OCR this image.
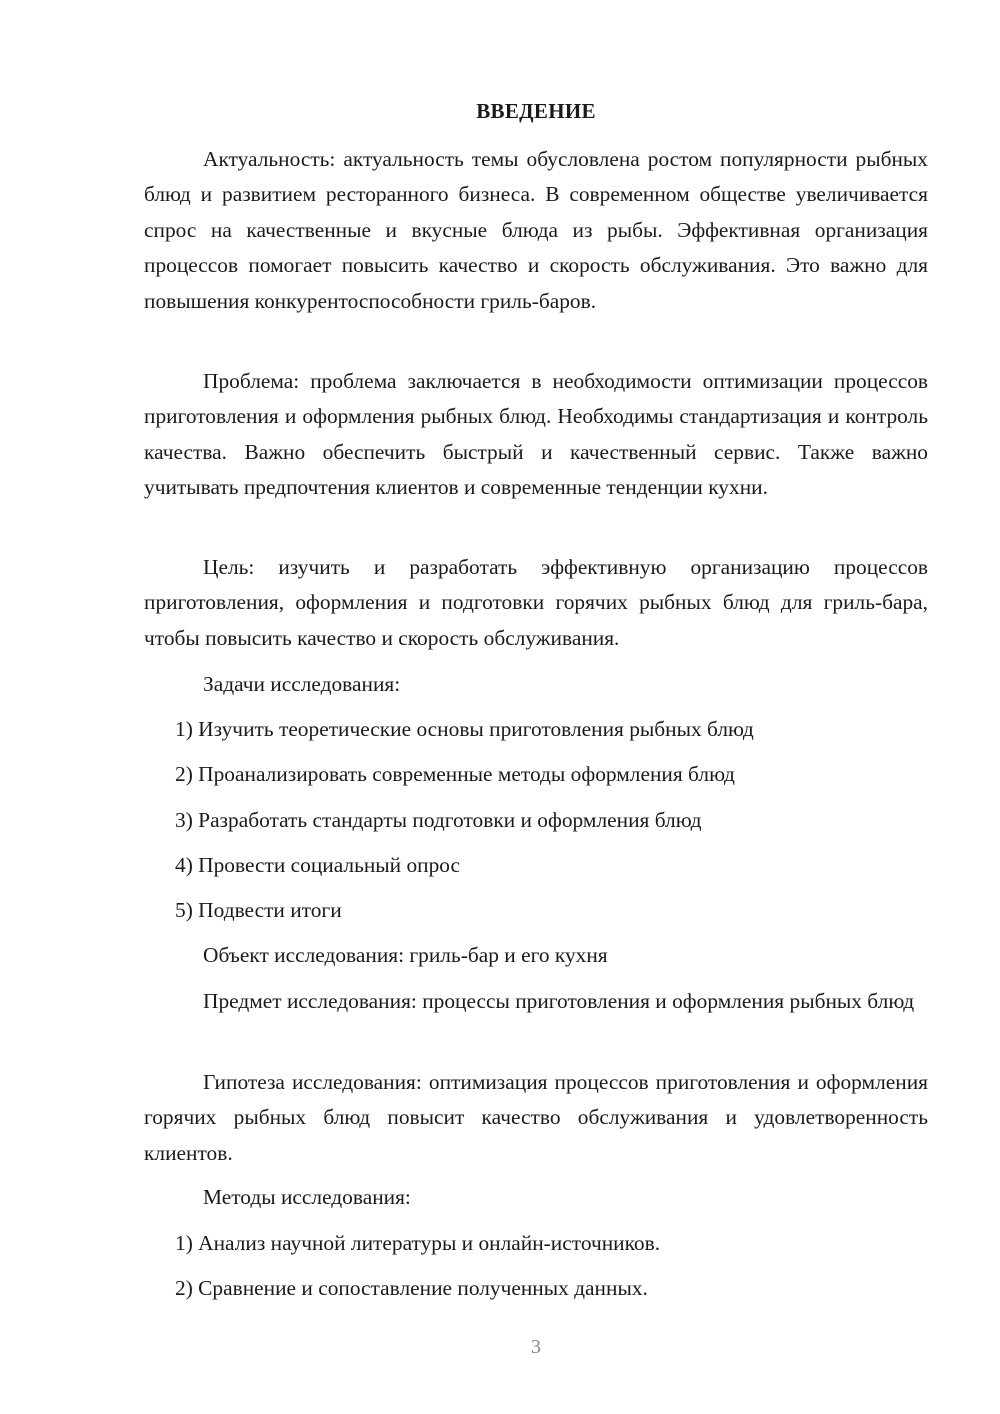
ВВЕДЕНИЕ
Актуальность: актуальность темы обусловлена ростом популярности рыбных блюд и развитием ресторанного бизнеса. В современном обществе увеличивается спрос на качественные и вкусные блюда из рыбы. Эффективная организация процессов помогает повысить качество и скорость обслуживания. Это важно для повышения конкурентоспособности гриль-баров.
Проблема: проблема заключается в необходимости оптимизации процессов приготовления и оформления рыбных блюд. Необходимы стандартизация и контроль качества. Важно обеспечить быстрый и качественный сервис. Также важно учитывать предпочтения клиентов и современные тенденции кухни.
Цель: изучить и разработать эффективную организацию процессов приготовления, оформления и подготовки горячих рыбных блюд для гриль-бара, чтобы повысить качество и скорость обслуживания.
Задачи исследования:
1) Изучить теоретические основы приготовления рыбных блюд
2) Проанализировать современные методы оформления блюд
3) Разработать стандарты подготовки и оформления блюд
4) Провести социальный опрос
5) Подвести итоги
Объект исследования: гриль-бар и его кухня
Предмет исследования: процессы приготовления и оформления рыбных блюд
Гипотеза исследования: оптимизация процессов приготовления и оформления горячих рыбных блюд повысит качество обслуживания и удовлетворенность клиентов.
Методы исследования:
1) Анализ научной литературы и онлайн-источников.
2) Сравнение и сопоставление полученных данных.
3
